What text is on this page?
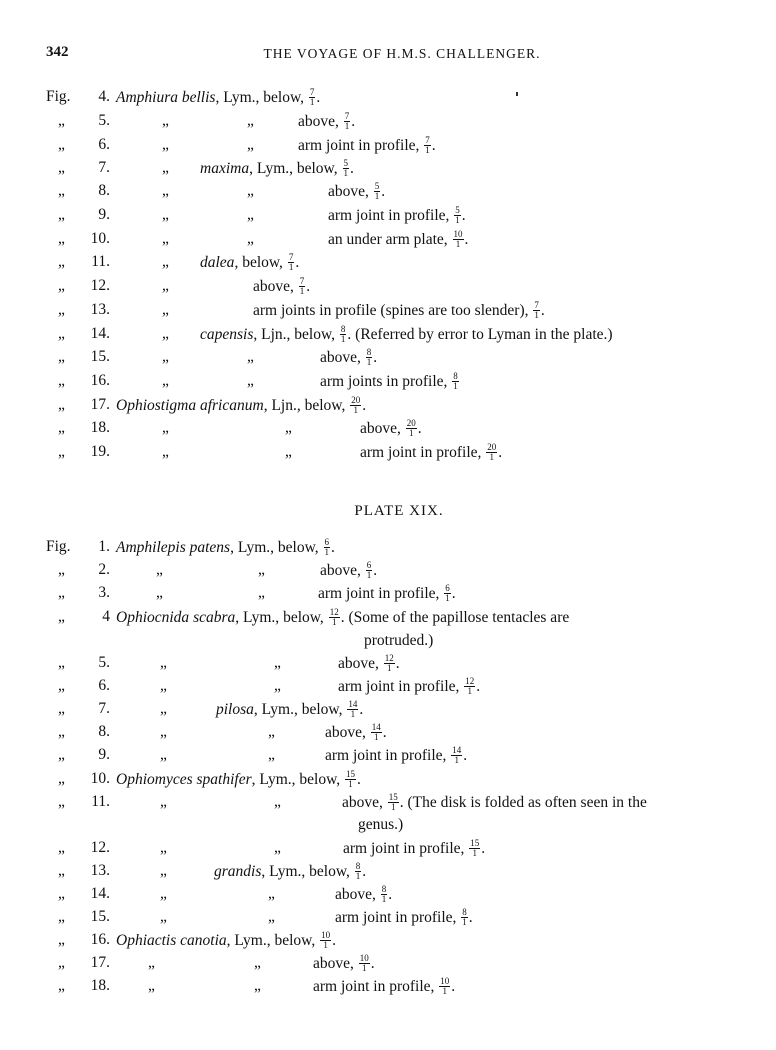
342	THE VOYAGE OF H.M.S. CHALLENGER.
PLATE XIX.
Fig.	4. Amphiura bellis, Lym., below, $\frac{7}{1}$ .
„	5.	„	„	above, $\frac{7}{1}$ .
„	6.	„	„	arm joint in profile, $\frac{7}{1}$ .
„	7.	„ maxima, Lym., below, $\frac{5}{1}$ .
„	8.	„	„	above, $\frac{5}{1}$ .
„	9.	„	„	arm joint in profile, $\frac{5}{1}$ .
„ 10.	„	„	an under arm plate, $\frac{10}{1}$ .
„ 11.	„ dalea, below, $\frac{7}{1}$ .
„ 12.	„	above, $\frac{7}{1}$ .
„ 13.	„	arm joints in profile (spines are too slender), $\frac{7}{1}$ .
„ 14.	„ capensis, Ljn., below, $\frac{8}{1}$ . (Referred by error to Lyman in the plate.)
„ 15.	„	„	above, $\frac{8}{1}$ .
„ 16.	„	„	arm joints in profile, $\frac{8}{1}$
„ 17. Ophiostigma africanum, Ljn., below, $\frac{20}{1}$ .
„ 18.	„	„	above, $\frac{20}{1}$ .
„ 19.	„	„	arm joint in profile, $\frac{20}{1}$ .
Fig.	1. Amphilepis patens, Lym., below, $\frac{6}{1}$ .
„	2.	„	„	above, $\frac{6}{1}$ .
„	3.	„	„	arm joint in profile, $\frac{6}{1}$ .
„	4 Ophiocnida scabra, Lym., below, $\frac{12}{1}$ . (Some of the papillose tentacles are
protruded.)
„	5.	„	„	above, $\frac{12}{1}$ .
„	6.	„	„	arm joint in profile, $\frac{12}{1}$ .
„	7.	„	pilosa, Lym., below, $\frac{14}{1}$ .
„	8.	„	„	above, $\frac{14}{1}$ .
„	9.	„	„	arm joint in profile, $\frac{14}{1}$ .
„ 10. Ophiomyces spathifer, Lym., below, $\frac{15}{1}$ .
„ 11.	„	„	above, $\frac{15}{1}$ . (The disk is folded as often seen in the
genus.)
„ 12.	„	„	arm joint in profile, $\frac{15}{1}$ .
„ 13.	„	grandis, Lym., below, $\frac{8}{1}$ .
„ 14.	„	„	above, $\frac{8}{1}$ .
„ 15.	„	„	arm joint in profile, $\frac{8}{1}$ .
„ 16. Ophiactis canotia, Lym., below, $\frac{10}{1}$ .
„ 17. „	„	above, $\frac{10}{1}$ .
„ 18. „	„	arm joint in profile, $\frac{10}{1}$ .
